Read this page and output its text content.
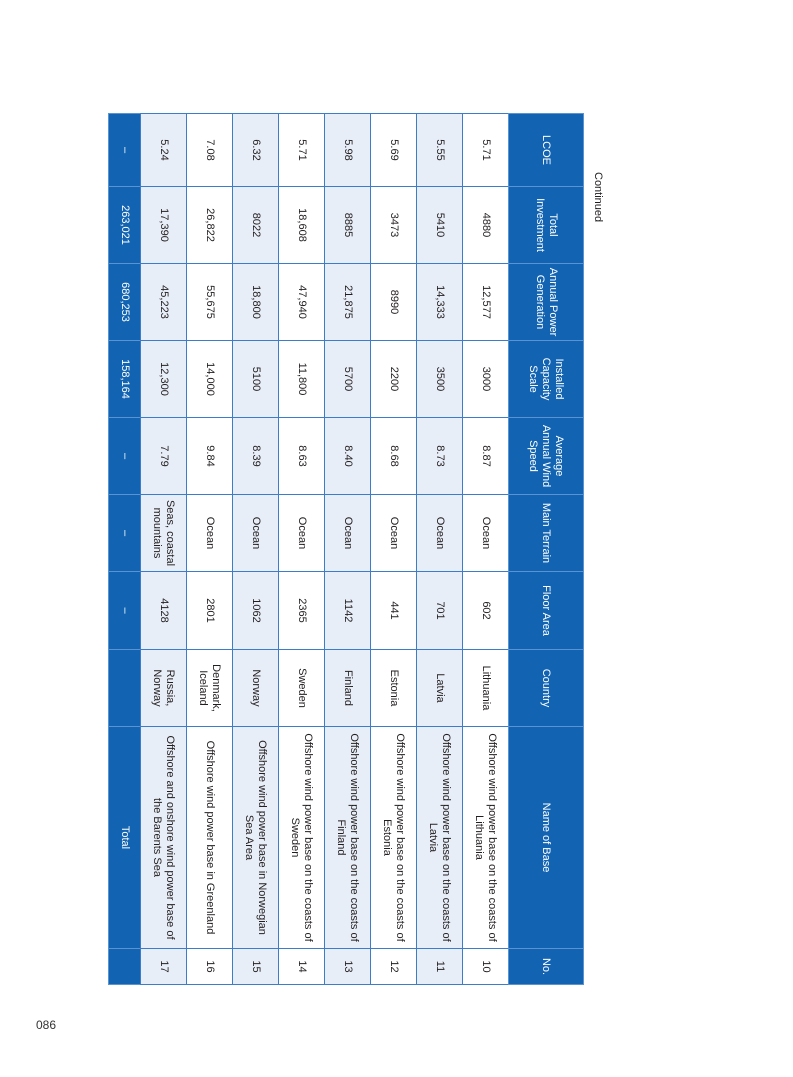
086
Continued
LCOE	Total Investment	Annual Power Generation	Installed Capacity Scale	Average Annual Wind Speed	Main Terrain	Floor Area	Country	Name of Base	No.
5.71	4880	12,577	3000	8.87	Ocean	602	Lithuania	Offshore wind power base on the coasts of Lithuania	10
5.55	5410	14,333	3500	8.73	Ocean	701	Latvia	Offshore wind power base on the coasts of Latvia	11
5.69	3473	8990	2200	8.68	Ocean	441	Estonia	Offshore wind power base on the coasts of Estonia	12
5.98	8885	21,875	5700	8.40	Ocean	1142	Finland	Offshore wind power base on the coasts of Finland	13
5.71	18,608	47,940	11,800	8.63	Ocean	2365	Sweden	Offshore wind power base on the coasts of Sweden	14
6.32	8022	18,800	5100	8.39	Ocean	1062	Norway	Offshore wind power base in Norwegian Sea Area	15
7.08	26,822	55,675	14,000	9.84	Ocean	2801	Denmark, Iceland	Offshore wind power base in Greenland	16
5.24	17,390	45,223	12,300	7.79	Seas, coastal mountains	4128	Russia, Norway	Offshore and onshore wind power base of the Barents Sea	17
–	263,021	680,253	158,164	–	–	–		Total	
